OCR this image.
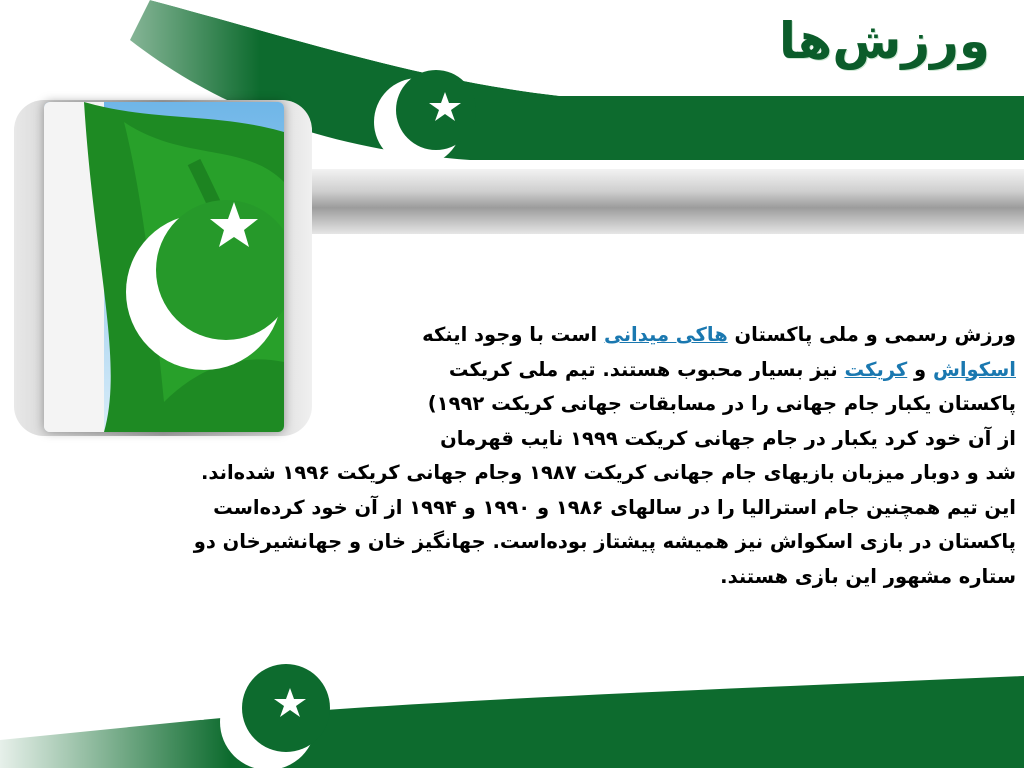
ورزش‌ها
ورزش رسمی و ملی پاکستان هاکی میدانی است با وجود اینکه
اسکواش و کریکت نیز بسیار محبوب هستند. تیم ملی کریکت
پاکستان یکبار جام جهانی را در مسابقات جهانی کریکت ۱۹۹۲)
از آن خود کرد یکبار در جام جهانی کریکت ۱۹۹۹ نایب قهرمان
شد و دوبار میزبان بازیهای جام جهانی کریکت ۱۹۸۷ وجام جهانی کریکت ۱۹۹۶ شده‌اند.
این تیم همچنین جام استرالیا را در سالهای ۱۹۸۶ و ۱۹۹۰ و ۱۹۹۴ از آن خود کرده‌است
پاکستان در بازی اسکواش نیز همیشه پیشتاز بوده‌است. جهانگیز خان و جهانشیرخان دو
ستاره مشهور این بازی هستند.
روابط عمومي وامور بين الملل
شركت مخابرات خراسان رضوي
